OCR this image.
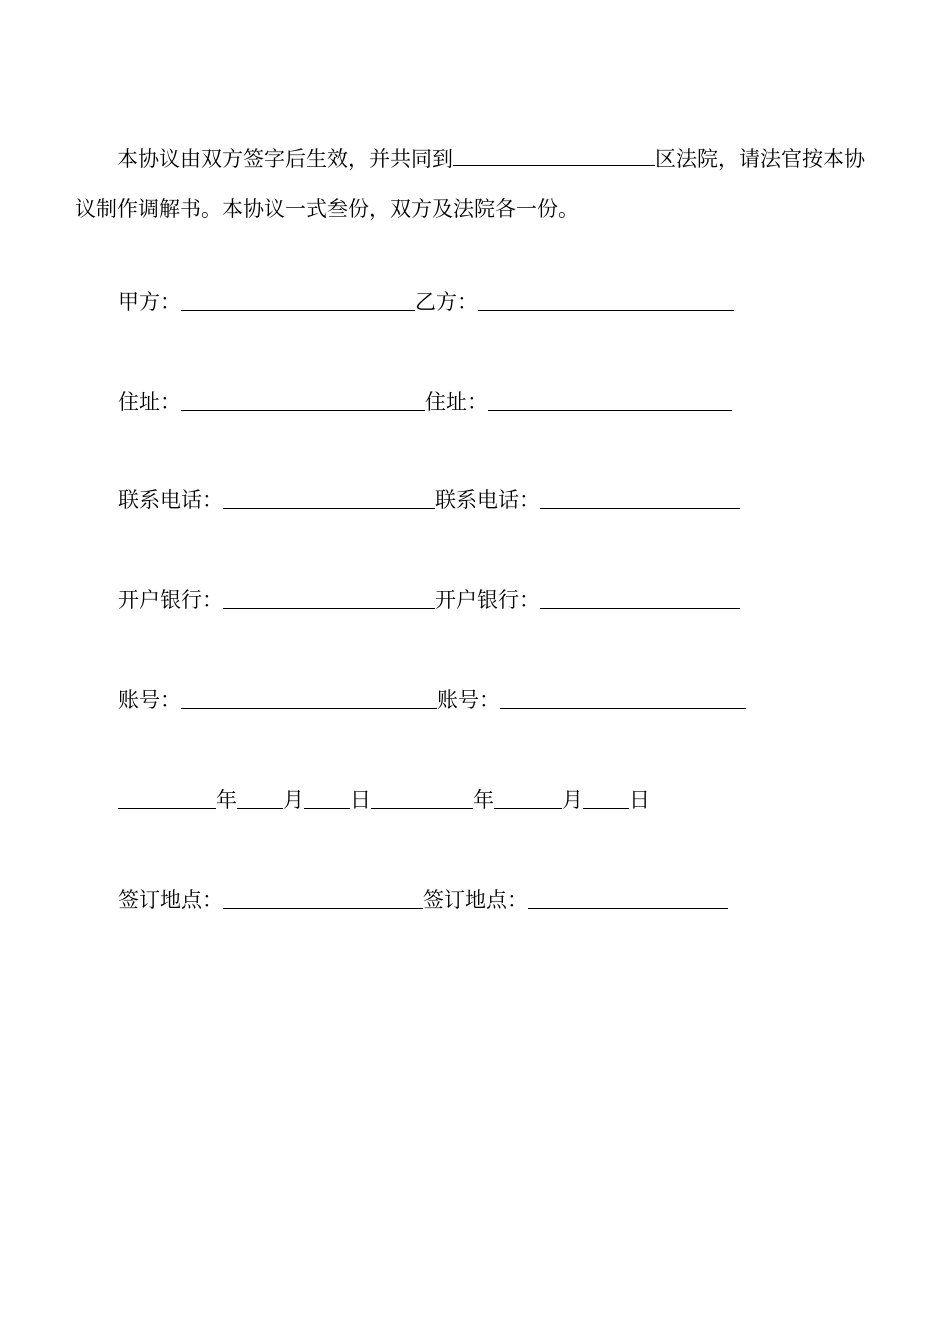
本协议由双方签字后生效，并共同到	区法院，请法官按本协议制作调解书。本协议一式叁份，双方及法院各一份。

甲方：	乙方：
住址：	住址：
联系电话：	联系电话：
开户银行：	开户银行：
账号：	账号：
年 月 日	年	月 日
签订地点：	签订地点：
